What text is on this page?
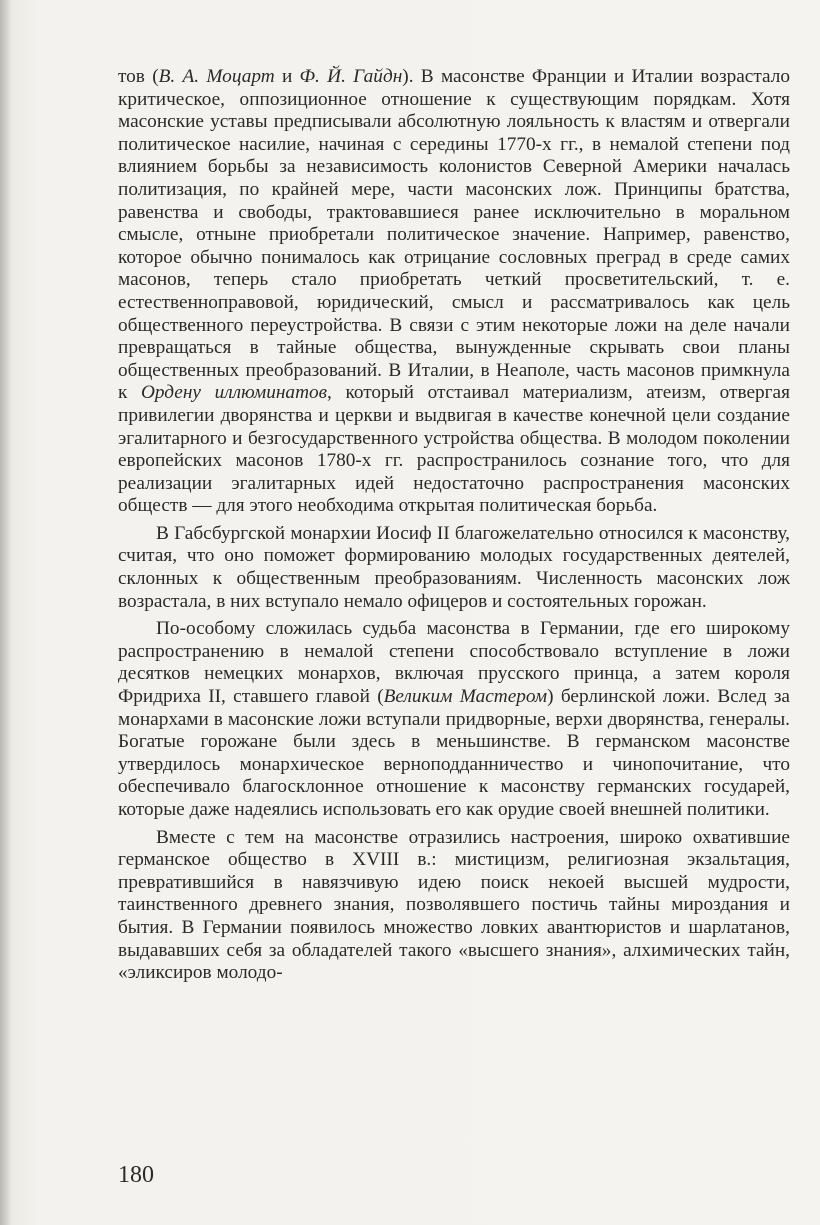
тов (В. А. Моцарт и Ф. Й. Гайдн). В масонстве Франции и Италии возрастало критическое, оппозиционное отношение к существующим порядкам. Хотя масонские уставы предписывали абсолютную лояльность к властям и отвергали политическое насилие, начиная с середины 1770-х гг., в немалой степени под влиянием борьбы за независимость колонистов Северной Америки началась политизация, по крайней мере, части масонских лож. Принципы братства, равенства и свободы, трактовавшиеся ранее исключительно в моральном смысле, отныне приобретали политическое значение. Например, равенство, которое обычно понималось как отрицание сословных преград в среде самих масонов, теперь стало приобретать четкий просветительский, т. е. естественноправовой, юридический, смысл и рассматривалось как цель общественного переустройства. В связи с этим некоторые ложи на деле начали превращаться в тайные общества, вынужденные скрывать свои планы общественных преобразований. В Италии, в Неаполе, часть масонов примкнула к Ордену иллюминатов, который отстаивал материализм, атеизм, отвергая привилегии дворянства и церкви и выдвигая в качестве конечной цели создание эгалитарного и безгосударственного устройства общества. В молодом поколении европейских масонов 1780-х гг. распространилось сознание того, что для реализации эгалитарных идей недостаточно распространения масонских обществ — для этого необходима открытая политическая борьба.

В Габсбургской монархии Иосиф II благожелательно относился к масонству, считая, что оно поможет формированию молодых государственных деятелей, склонных к общественным преобразованиям. Численность масонских лож возрастала, в них вступало немало офицеров и состоятельных горожан.

По-особому сложилась судьба масонства в Германии, где его широкому распространению в немалой степени способствовало вступление в ложи десятков немецких монархов, включая прусского принца, а затем короля Фридриха II, ставшего главой (Великим Мастером) берлинской ложи. Вслед за монархами в масонские ложи вступали придворные, верхи дворянства, генералы. Богатые горожане были здесь в меньшинстве. В германском масонстве утвердилось монархическое верноподданничество и чинопочитание, что обеспечивало благосклонное отношение к масонству германских государей, которые даже надеялись использовать его как орудие своей внешней политики.

Вместе с тем на масонстве отразились настроения, широко охватившие германское общество в XVIII в.: мистицизм, религиозная экзальтация, превратившийся в навязчивую идею поиск некоей высшей мудрости, таинственного древнего знания, позволявшего постичь тайны мироздания и бытия. В Германии появилось множество ловких авантюристов и шарлатанов, выдававших себя за обладателей такого «высшего знания», алхимических тайн, «эликсиров молодо-

180
